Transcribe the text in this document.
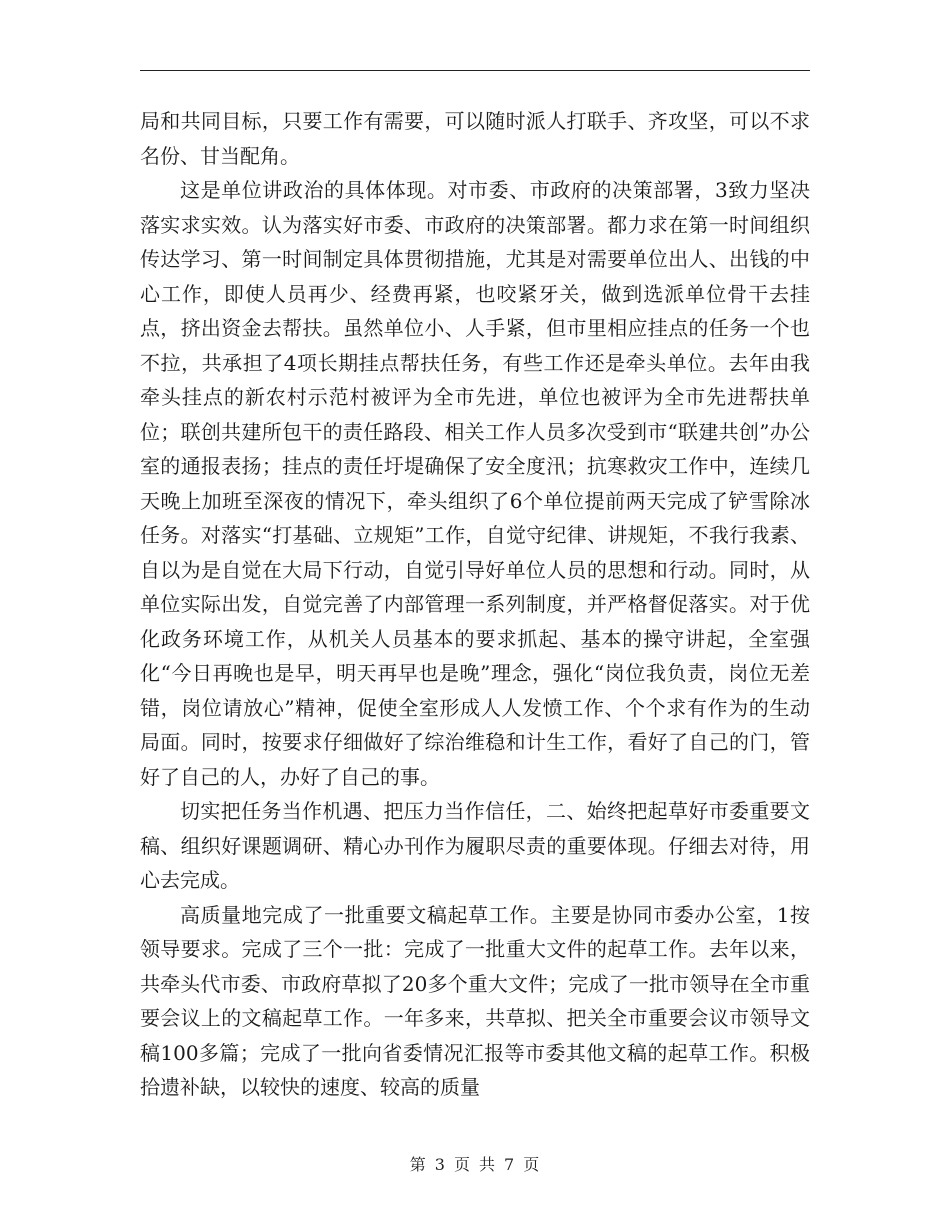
局和共同目标，只要工作有需要，可以随时派人打联手、齐攻坚，可以不求名份、甘当配角。

这是单位讲政治的具体体现。对市委、市政府的决策部署，3致力坚决落实求实效。认为落实好市委、市政府的决策部署。都力求在第一时间组织传达学习、第一时间制定具体贯彻措施，尤其是对需要单位出人、出钱的中心工作，即使人员再少、经费再紧，也咬紧牙关，做到选派单位骨干去挂点，挤出资金去帮扶。虽然单位小、人手紧，但市里相应挂点的任务一个也不拉，共承担了4项长期挂点帮扶任务，有些工作还是牵头单位。去年由我牵头挂点的新农村示范村被评为全市先进，单位也被评为全市先进帮扶单位；联创共建所包干的责任路段、相关工作人员多次受到市“联建共创”办公室的通报表扬；挂点的责任圩堤确保了安全度汛；抗寒救灾工作中，连续几天晚上加班至深夜的情况下，牵头组织了6个单位提前两天完成了铲雪除冰任务。对落实“打基础、立规矩”工作，自觉守纪律、讲规矩，不我行我素、自以为是自觉在大局下行动，自觉引导好单位人员的思想和行动。同时，从单位实际出发，自觉完善了内部管理一系列制度，并严格督促落实。对于优化政务环境工作，从机关人员基本的要求抓起、基本的操守讲起，全室强化“今日再晚也是早，明天再早也是晚”理念，强化“岗位我负责，岗位无差错，岗位请放心”精神，促使全室形成人人发愤工作、个个求有作为的生动局面。同时，按要求仔细做好了综治维稳和计生工作，看好了自己的门，管好了自己的人，办好了自己的事。

切实把任务当作机遇、把压力当作信任，二、始终把起草好市委重要文稿、组织好课题调研、精心办刊作为履职尽责的重要体现。仔细去对待，用心去完成。

高质量地完成了一批重要文稿起草工作。主要是协同市委办公室，1按领导要求。完成了三个一批：完成了一批重大文件的起草工作。去年以来，共牵头代市委、市政府草拟了20多个重大文件；完成了一批市领导在全市重要会议上的文稿起草工作。一年多来，共草拟、把关全市重要会议市领导文稿100多篇；完成了一批向省委情况汇报等市委其他文稿的起草工作。积极拾遗补缺，以较快的速度、较高的质量

第 3 页 共 7 页
